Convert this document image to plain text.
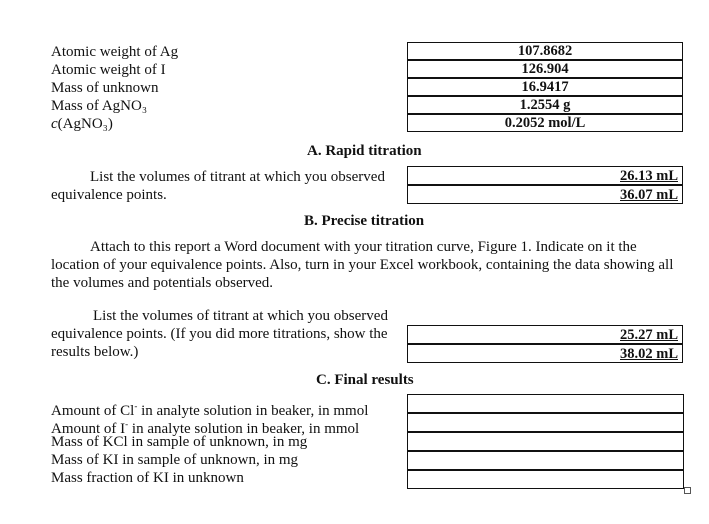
Atomic weight of Ag
Atomic weight of I
Mass of unknown
Mass of AgNO₃
c(AgNO₃)
107.8682
126.904
16.9417
1.2554 g
0.2052 mol/L
A. Rapid titration
List the volumes of titrant at which you observed
equivalence points.
26.13 mL
36.07 mL
B. Precise titration
Attach to this report a Word document with your titration curve, Figure 1. Indicate on it the location of your equivalence points. Also, turn in your Excel workbook, containing the data showing all the volumes and potentials observed.
List the volumes of titrant at which you observed
equivalence points. (If you did more titrations, show the
results below.)
25.27 mL
38.02 mL
C. Final results
Amount of Cl- in analyte solution in beaker, in mmol
Amount of I- in analyte solution in beaker, in mmol
Mass of KCl in sample of unknown, in mg
Mass of KI in sample of unknown, in mg
Mass fraction of KI in unknown
